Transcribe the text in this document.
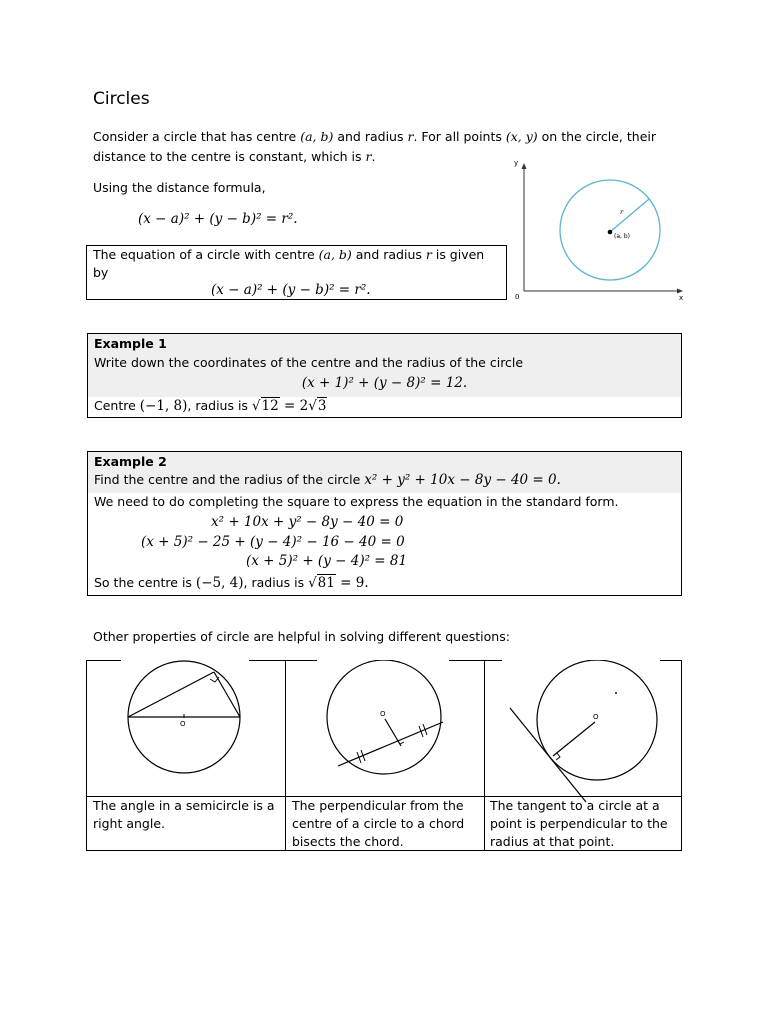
Circles
Consider a circle that has centre (a, b) and radius r. For all points (x, y) on the circle, their
distance to the centre is constant, which is r.
Using the distance formula,
(x − a)² + (y − b)² = r².
The equation of a circle with centre (a, b) and radius r is given
by
(x − a)² + (y − b)² = r².
y
x
0
r
(a, b)
Example 1
Write down the coordinates of the centre and the radius of the circle
(x + 1)² + (y − 8)² = 12.
Centre (−1, 8), radius is √12 = 2√3
Example 2
Find the centre and the radius of the circle x² + y² + 10x − 8y − 40 = 0.
We need to do completing the square to express the equation in the standard form.
x² + 10x + y² − 8y − 40 = 0
(x + 5)² − 25 + (y − 4)² − 16 − 40 = 0
(x + 5)² + (y − 4)² = 81
So the centre is (−5, 4), radius is √81 = 9.
Other properties of circle are helpful in solving different questions:
O
O	O
The angle in a semicircle is a
right angle.
The perpendicular from the
centre of a circle to a chord
bisects the chord.
The tangent to a circle at a
point is perpendicular to the
radius at that point.
